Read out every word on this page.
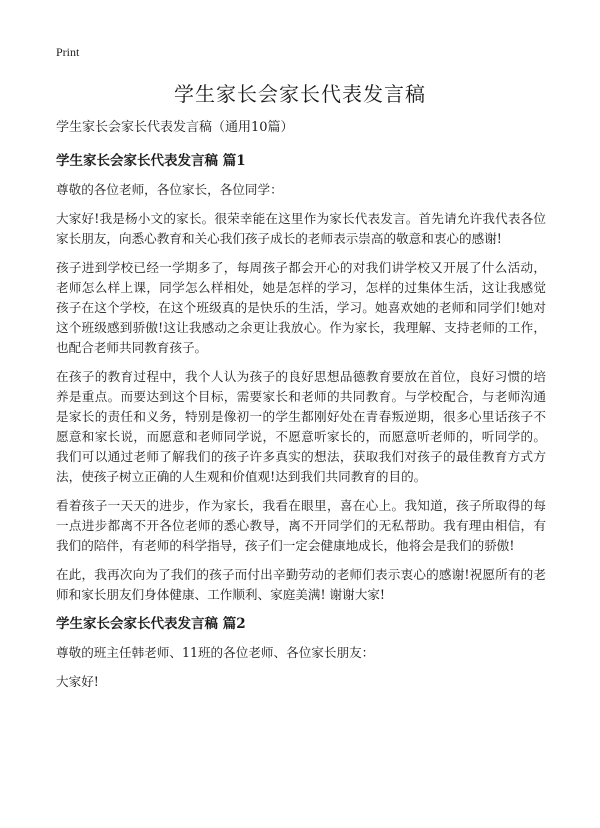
Print
学生家长会家长代表发言稿

学生家长会家长代表发言稿（通用10篇）

学生家长会家长代表发言稿 篇1

尊敬的各位老师，各位家长，各位同学：

大家好!我是杨小文的家长。很荣幸能在这里作为家长代表发言。首先请允许我代表各位家长朋友，向悉心教育和关心我们孩子成长的老师表示崇高的敬意和衷心的感谢!

孩子进到学校已经一学期多了，每周孩子都会开心的对我们讲学校又开展了什么活动，老师怎么样上课，同学怎么样相处，她是怎样的学习，怎样的过集体生活，这让我感觉孩子在这个学校，在这个班级真的是快乐的生活，学习。她喜欢她的老师和同学们!她对这个班级感到骄傲!这让我感动之余更让我放心。作为家长，我理解、支持老师的工作，也配合老师共同教育孩子。

在孩子的教育过程中，我个人认为孩子的良好思想品德教育要放在首位，良好习惯的培养是重点。而要达到这个目标，需要家长和老师的共同教育。与学校配合，与老师沟通是家长的责任和义务，特别是像初一的学生都刚好处在青春叛逆期，很多心里话孩子不愿意和家长说，而愿意和老师同学说，不愿意听家长的，而愿意听老师的，听同学的。我们可以通过老师了解我们的孩子许多真实的想法，获取我们对孩子的最佳教育方式方法，使孩子树立正确的人生观和价值观!达到我们共同教育的目的。

看着孩子一天天的进步，作为家长，我看在眼里，喜在心上。我知道，孩子所取得的每一点进步都离不开各位老师的悉心教导，离不开同学们的无私帮助。我有理由相信，有我们的陪伴，有老师的科学指导，孩子们一定会健康地成长，他将会是我们的骄傲!

在此，我再次向为了我们的孩子而付出辛勤劳动的老师们表示衷心的感谢!祝愿所有的老师和家长朋友们身体健康、工作顺利、家庭美满! 谢谢大家!

学生家长会家长代表发言稿 篇2

尊敬的班主任韩老师、11班的各位老师、各位家长朋友：

大家好!
